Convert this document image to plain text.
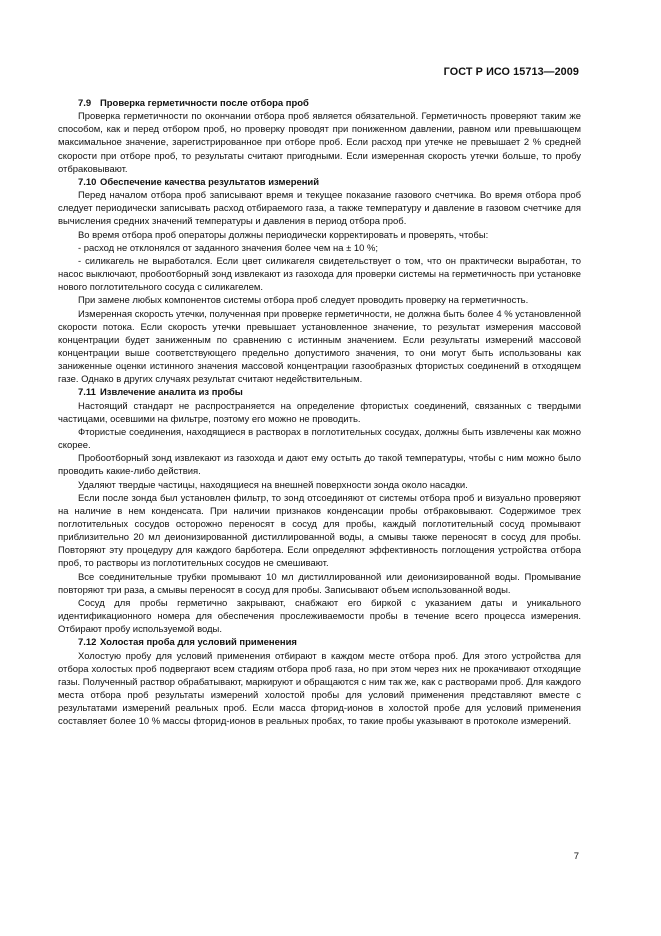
ГОСТ Р ИСО 15713—2009
7.9 Проверка герметичности после отбора проб

Проверка герметичности по окончании отбора проб является обязательной. Герметичность проверяют таким же способом, как и перед отбором проб, но проверку проводят при пониженном давлении, равном или превышающем максимальное значение, зарегистрированное при отборе проб. Если расход при утечке не превышает 2 % средней скорости при отборе проб, то результаты считают пригодными. Если измеренная скорость утечки больше, то пробу отбраковывают.

7.10 Обеспечение качества результатов измерений

Перед началом отбора проб записывают время и текущее показание газового счетчика. Во время отбора проб следует периодически записывать расход отбираемого газа, а также температуру и давление в газовом счетчике для вычисления средних значений температуры и давления в период отбора проб.

Во время отбора проб операторы должны периодически корректировать и проверять, чтобы:

- расход не отклонялся от заданного значения более чем на ± 10 %;

- силикагель не выработался. Если цвет силикагеля свидетельствует о том, что он практически выработан, то насос выключают, пробоотборный зонд извлекают из газохода для проверки системы на герметичность при установке нового поглотительного сосуда с силикагелем.

При замене любых компонентов системы отбора проб следует проводить проверку на герметичность.

Измеренная скорость утечки, полученная при проверке герметичности, не должна быть более 4 % установленной скорости потока. Если скорость утечки превышает установленное значение, то результат измерения массовой концентрации будет заниженным по сравнению с истинным значением. Если результаты измерений массовой концентрации выше соответствующего предельно допустимого значения, то они могут быть использованы как заниженные оценки истинного значения массовой концентрации газообразных фтористых соединений в отходящем газе. Однако в других случаях результат считают недействительным.

7.11 Извлечение аналита из пробы

Настоящий стандарт не распространяется на определение фтористых соединений, связанных с твердыми частицами, осевшими на фильтре, поэтому его можно не проводить.

Фтористые соединения, находящиеся в растворах в поглотительных сосудах, должны быть извлечены как можно скорее.

Пробоотборный зонд извлекают из газохода и дают ему остыть до такой температуры, чтобы с ним можно было проводить какие-либо действия.

Удаляют твердые частицы, находящиеся на внешней поверхности зонда около насадки.

Если после зонда был установлен фильтр, то зонд отсоединяют от системы отбора проб и визуально проверяют на наличие в нем конденсата. При наличии признаков конденсации пробы отбраковывают. Содержимое трех поглотительных сосудов осторожно переносят в сосуд для пробы, каждый поглотительный сосуд промывают приблизительно 20 мл деионизированной дистиллированной воды, а смывы также переносят в сосуд для пробы. Повторяют эту процедуру для каждого барботера. Если определяют эффективность поглощения устройства отбора проб, то растворы из поглотительных сосудов не смешивают.

Все соединительные трубки промывают 10 мл дистиллированной или деионизированной воды. Промывание повторяют три раза, а смывы переносят в сосуд для пробы. Записывают объем использованной воды.

Сосуд для пробы герметично закрывают, снабжают его биркой с указанием даты и уникального идентификационного номера для обеспечения прослеживаемости пробы в течение всего процесса измерения. Отбирают пробу используемой воды.

7.12 Холостая проба для условий применения

Холостую пробу для условий применения отбирают в каждом месте отбора проб. Для этого устройства для отбора холостых проб подвергают всем стадиям отбора проб газа, но при этом через них не прокачивают отходящие газы. Полученный раствор обрабатывают, маркируют и обращаются с ним так же, как с растворами проб. Для каждого места отбора проб результаты измерений холостой пробы для условий применения представляют вместе с результатами измерений реальных проб. Если масса фторид-ионов в холостой пробе для условий применения составляет более 10 % массы фторид-ионов в реальных пробах, то такие пробы указывают в протоколе измерений.

7
